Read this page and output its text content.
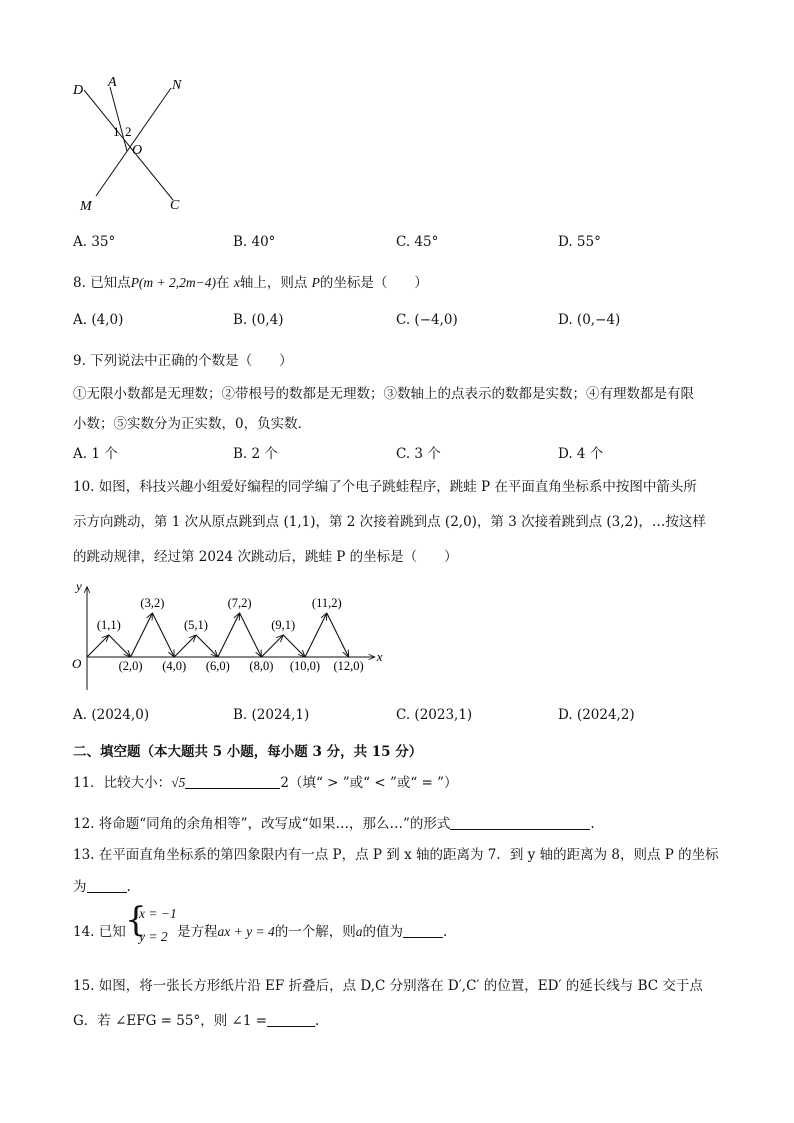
D
A	N
1 2
O
M	C
A. 35°	B. 40°	C. 45°	D. 55°
8. 已知点P(m + 2,2m−4)在 x轴上，则点 P的坐标是（　　）
A. (4,0)	B. (0,4)	C. (−4,0)	D. (0,−4)
9. 下列说法中正确的个数是（　　）
①无限小数都是无理数；②带根号的数都是无理数；③数轴上的点表示的数都是实数；④有理数都是有限
小数；⑤实数分为正实数，0，负实数．
A. 1 个	B. 2 个	C. 3 个	D. 4 个
10. 如图，科技兴趣小组爱好编程的同学编了个电子跳蛙程序，跳蛙 P 在平面直角坐标系中按图中箭头所
示方向跳动，第 1 次从原点跳到点 (1,1)，第 2 次接着跳到点 (2,0)，第 3 次接着跳到点 (3,2)，…按这样
的跳动规律，经过第 2024 次跳动后，跳蛙 P 的坐标是（　　）
y
x
O
(1,1)
(2,0)
(3,2)
(4,0)
(5,1)
(6,0)
(7,2)
(8,0)
(9,1)
(10,0)
(11,2)
(12,0)
A. (2024,0)	B. (2024,1)	C. (2023,1)	D. (2024,2)
二、填空题（本大题共 5 小题，每小题 3 分，共 15 分）
11．比较大小：√5	2（填“ > ”或“ < ”或“ = ”）
12. 将命题“同角的余角相等”，改写成“如果…，那么…”的形式	.
13. 在平面直角坐标系的第四象限内有一点 P，点 P 到 x 轴的距离为 7．到 y 轴的距离为 8，则点 P 的坐标
为	.
14. 已知 {
x = −1
y = 2 是方程ax + y = 4的一个解，则a的值为	.
15. 如图，将一张长方形纸片沿 EF 折叠后，点 D,C 分别落在 D′,C′ 的位置，ED′ 的延长线与 BC 交于点
G．若 ∠EFG = 55°，则 ∠1 =	.
